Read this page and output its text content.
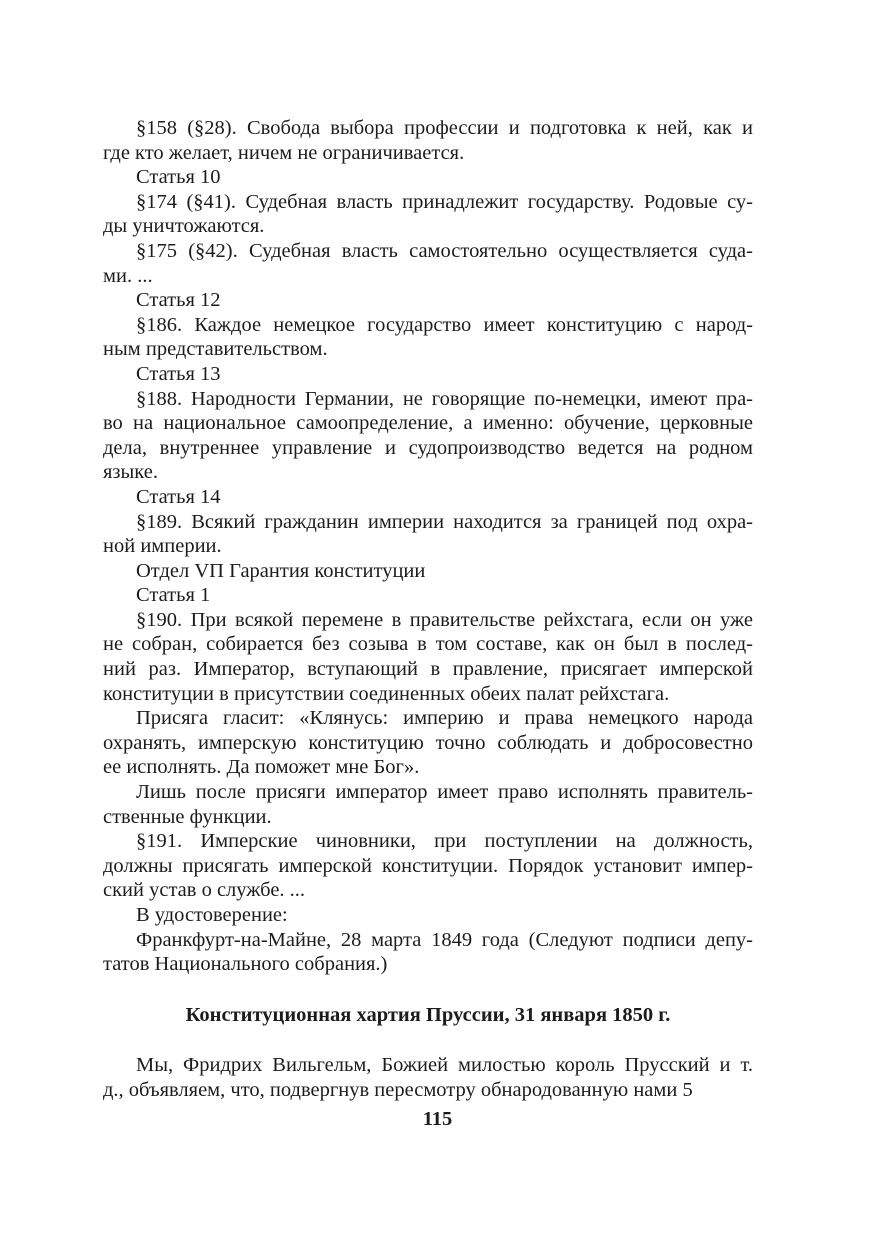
§158 (§28). Свобода выбора профессии и подготовка к ней, как и
где кто желает, ничем не ограничивается.
Статья 10
§174 (§41). Судебная власть принадлежит государству. Родовые су-
ды уничтожаются.
§175 (§42). Судебная власть самостоятельно осуществляется суда-
ми. ...
Статья 12
§186. Каждое немецкое государство имеет конституцию с народ-
ным представительством.
Статья 13
§188. Народности Германии, не говорящие по-немецки, имеют пра-
во на национальное самоопределение, а именно: обучение, церковные
дела, внутреннее управление и судопроизводство ведется на родном
языке.
Статья 14
§189. Всякий гражданин империи находится за границей под охра-
ной империи.
Отдел VП Гарантия конституции
Статья 1
§190. При всякой перемене в правительстве рейхстага, если он уже
не собран, собирается без созыва в том составе, как он был в послед-
ний раз. Император, вступающий в правление, присягает имперской
конституции в присутствии соединенных обеих палат рейхстага.
Присяга гласит: «Клянусь: империю и права немецкого народа
охранять, имперскую конституцию точно соблюдать и добросовестно
ее исполнять. Да поможет мне Бог».
Лишь после присяги император имеет право исполнять правитель-
ственные функции.
§191. Имперские чиновники, при поступлении на должность,
должны присягать имперской конституции. Порядок установит импер-
ский устав о службе. ...
В удостоверение:
Франкфурт-на-Майне, 28 марта 1849 года (Следуют подписи депу-
татов Национального собрания.)
Конституционная хартия Пруссии, 31 января 1850 г.
Мы, Фридрих Вильгельм, Божией милостью король Прусский и т.
д., объявляем, что, подвергнув пересмотру обнародованную нами 5
115
